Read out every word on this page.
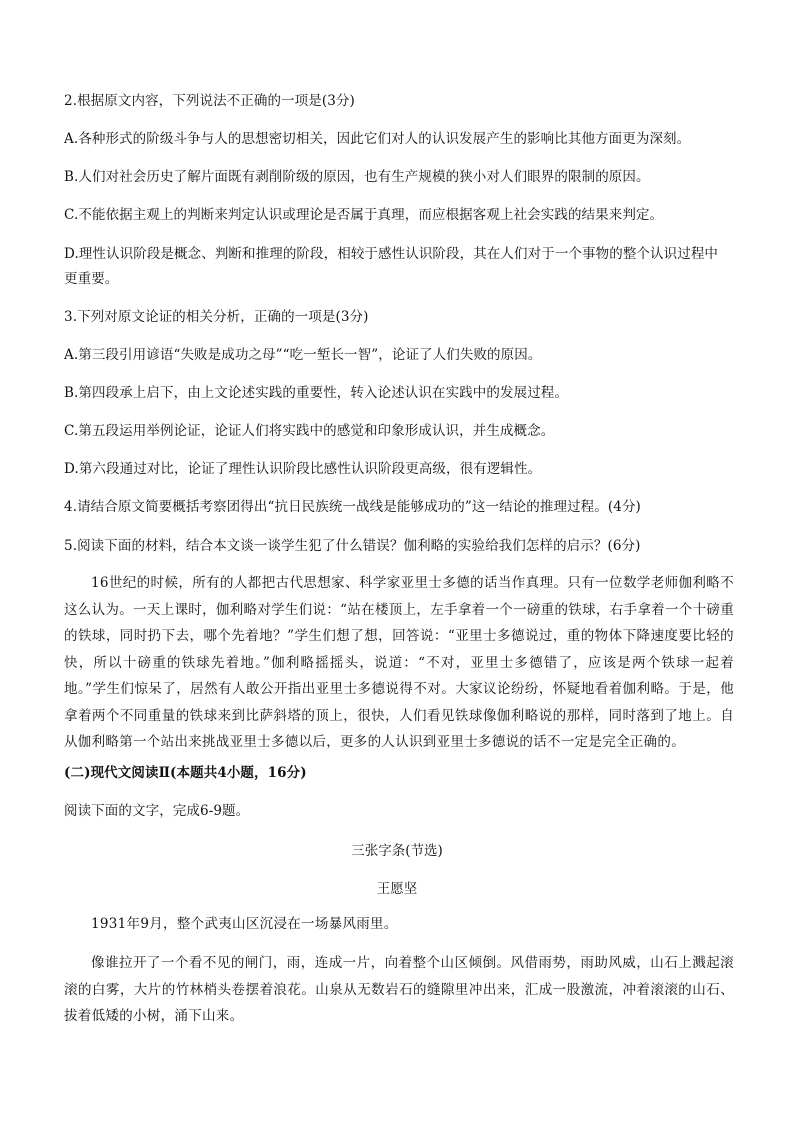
2.根据原文内容，下列说法不正确的一项是(3分)
A.各种形式的阶级斗争与人的思想密切相关，因此它们对人的认识发展产生的影响比其他方面更为深刻。
B.人们对社会历史了解片面既有剥削阶级的原因，也有生产规模的狭小对人们眼界的限制的原因。
C.不能依据主观上的判断来判定认识或理论是否属于真理，而应根据客观上社会实践的结果来判定。
D.理性认识阶段是概念、判断和推理的阶段，相较于感性认识阶段，其在人们对于一个事物的整个认识过程中
更重要。
3.下列对原文论证的相关分析，正确的一项是(3分)
A.第三段引用谚语“失败是成功之母”“吃一堑长一智”，论证了人们失败的原因。
B.第四段承上启下，由上文论述实践的重要性，转入论述认识在实践中的发展过程。
C.第五段运用举例论证，论证人们将实践中的感觉和印象形成认识，并生成概念。
D.第六段通过对比，论证了理性认识阶段比感性认识阶段更高级，很有逻辑性。
4.请结合原文简要概括考察团得出“抗日民族统一战线是能够成功的”这一结论的推理过程。(4分)
5.阅读下面的材料，结合本文谈一谈学生犯了什么错误？伽利略的实验给我们怎样的启示？(6分)
16世纪的时候，所有的人都把古代思想家、科学家亚里士多德的话当作真理。只有一位数学老师伽利略不这么认为。一天上课时，伽利略对学生们说：“站在楼顶上，左手拿着一个一磅重的铁球，右手拿着一个十磅重的铁球，同时扔下去，哪个先着地？”学生们想了想，回答说：“亚里士多德说过，重的物体下降速度要比轻的快，所以十磅重的铁球先着地。”伽利略摇摇头，说道：“不对，亚里士多德错了，应该是两个铁球一起着地。”学生们惊呆了，居然有人敢公开指出亚里士多德说得不对。大家议论纷纷，怀疑地看着伽利略。于是，他拿着两个不同重量的铁球来到比萨斜塔的顶上，很快，人们看见铁球像伽利略说的那样，同时落到了地上。自从伽利略第一个站出来挑战亚里士多德以后，更多的人认识到亚里士多德说的话不一定是完全正确的。
(二)现代文阅读Ⅱ(本题共4小题，16分)
阅读下面的文字，完成6-9题。
三张字条(节选)
王愿坚
1931年9月，整个武夷山区沉浸在一场暴风雨里。
像谁拉开了一个看不见的闸门，雨，连成一片，向着整个山区倾倒。风借雨势，雨助风威，山石上溅起滚滚的白雾，大片的竹林梢头卷摆着浪花。山泉从无数岩石的缝隙里冲出来，汇成一股激流，冲着滚滚的山石、拔着低矮的小树，涌下山来。
